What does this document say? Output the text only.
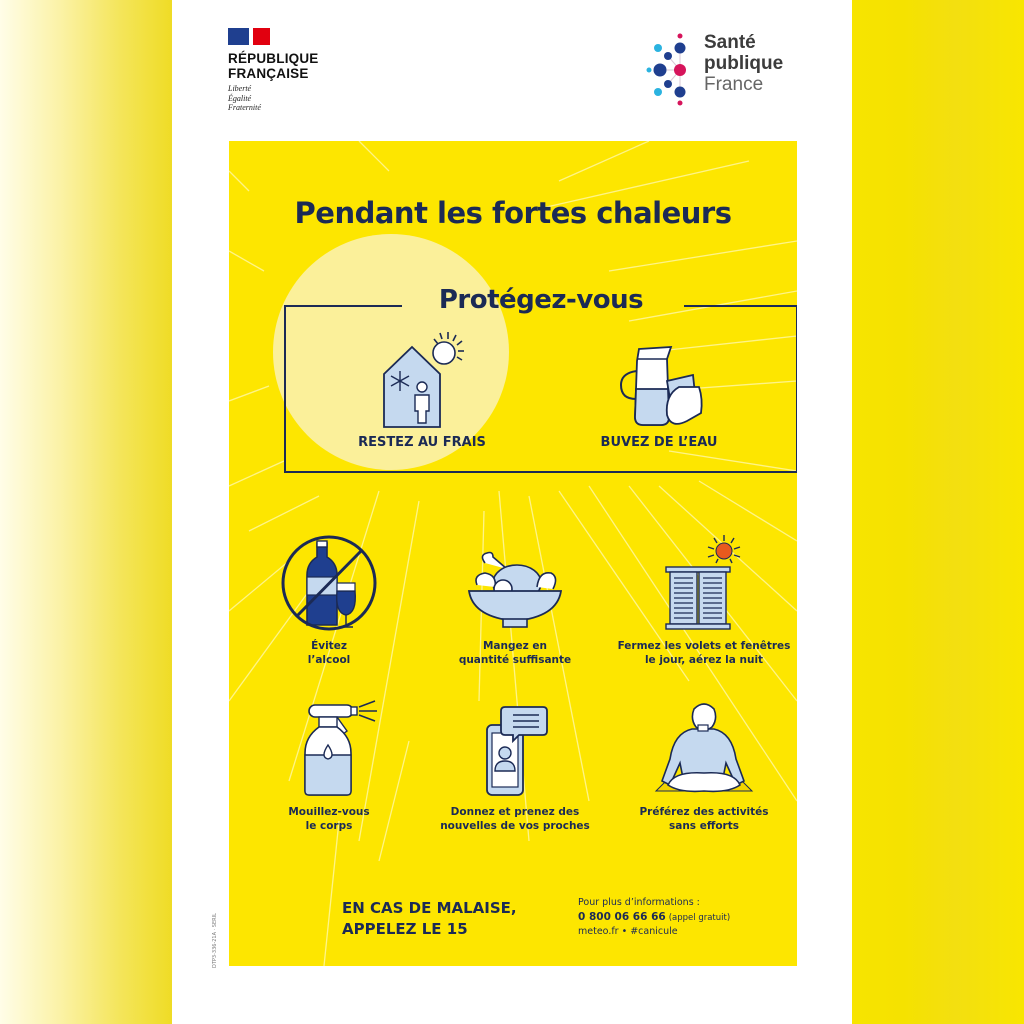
RÉPUBLIQUE
FRANÇAISE
Liberté
Égalité
Fraternité
Santé
publique
France
Pendant les fortes chaleurs
Protégez-vous
RESTEZ AU FRAIS	BUVEZ DE L’EAU
Évitez
l’alcool
Mangez en
quantité suffisante
Fermez les volets et fenêtres
le jour, aérez la nuit
Mouillez-vous
le corps
Donnez et prenez des
nouvelles de vos proches
Préférez des activités
sans efforts
EN CAS DE MALAISE,
APPELEZ LE 15
Pour plus d’informations :
0 800 06 66 66 (appel gratuit)
meteo.fr • #canicule
DTP3-336-21A · SERIL
